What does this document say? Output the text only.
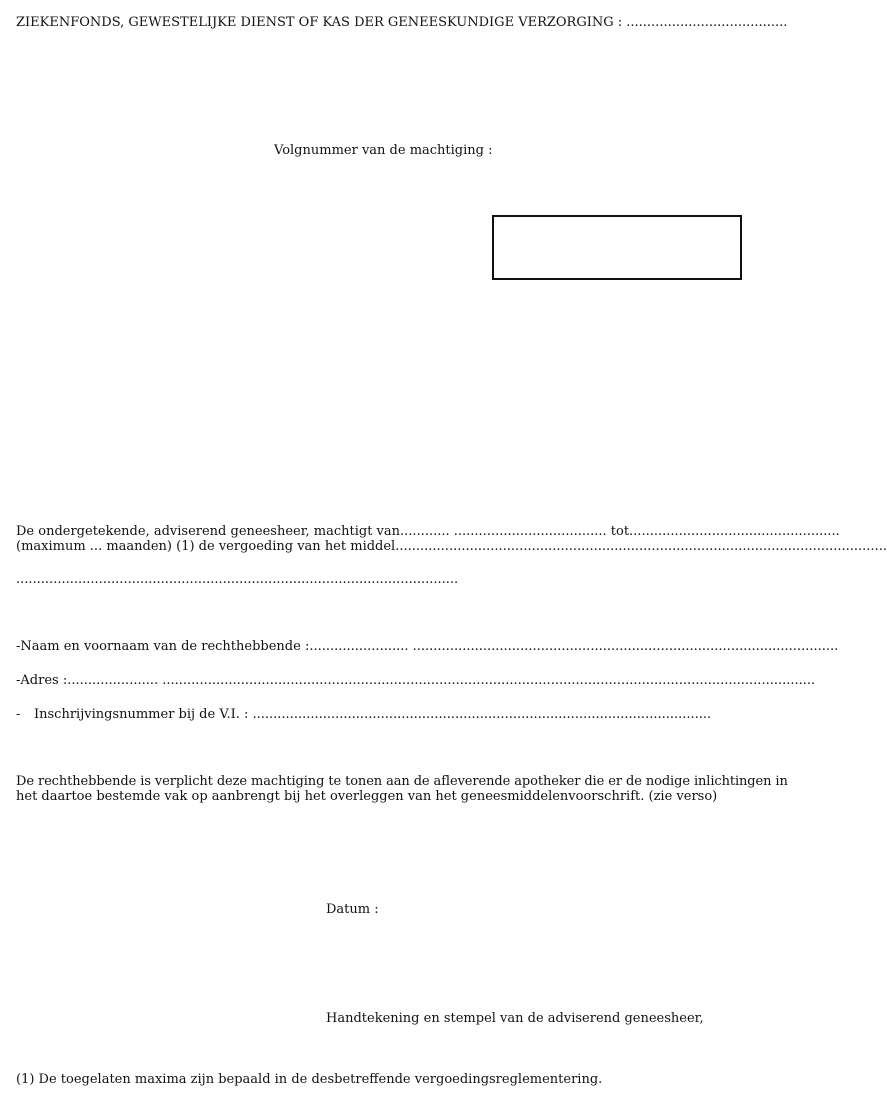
ZIEKENFONDS, GEWESTELIJKE DIENST OF KAS DER GENEESKUNDIGE VERZORGING : .......................................
Volgnummer van de machtiging :
De ondergetekende, adviserend geneesheer, machtigt van............ ..................................... tot ...................................................
(maximum ... maanden) (1) de vergoeding van het middel .......................................................................................................................
...........................................................................................................
- Naam en voornaam van de rechthebbende :........................ .......................................................................................................
- Adres :...................... ..............................................................................................................................................................
-	Inschrijvingsnummer bij de V.I. : ...............................................................................................................
De rechthebbende is verplicht deze machtiging te tonen aan de afleverende apotheker die er de nodige inlichtingen in
het daartoe bestemde vak op aanbrengt bij het overleggen van het geneesmiddelenvoorschrift. (zie verso)
Datum :
Handtekening en stempel van de adviserend geneesheer,
(1) De toegelaten maxima zijn bepaald in de desbetreffende vergoedingsreglementering.
